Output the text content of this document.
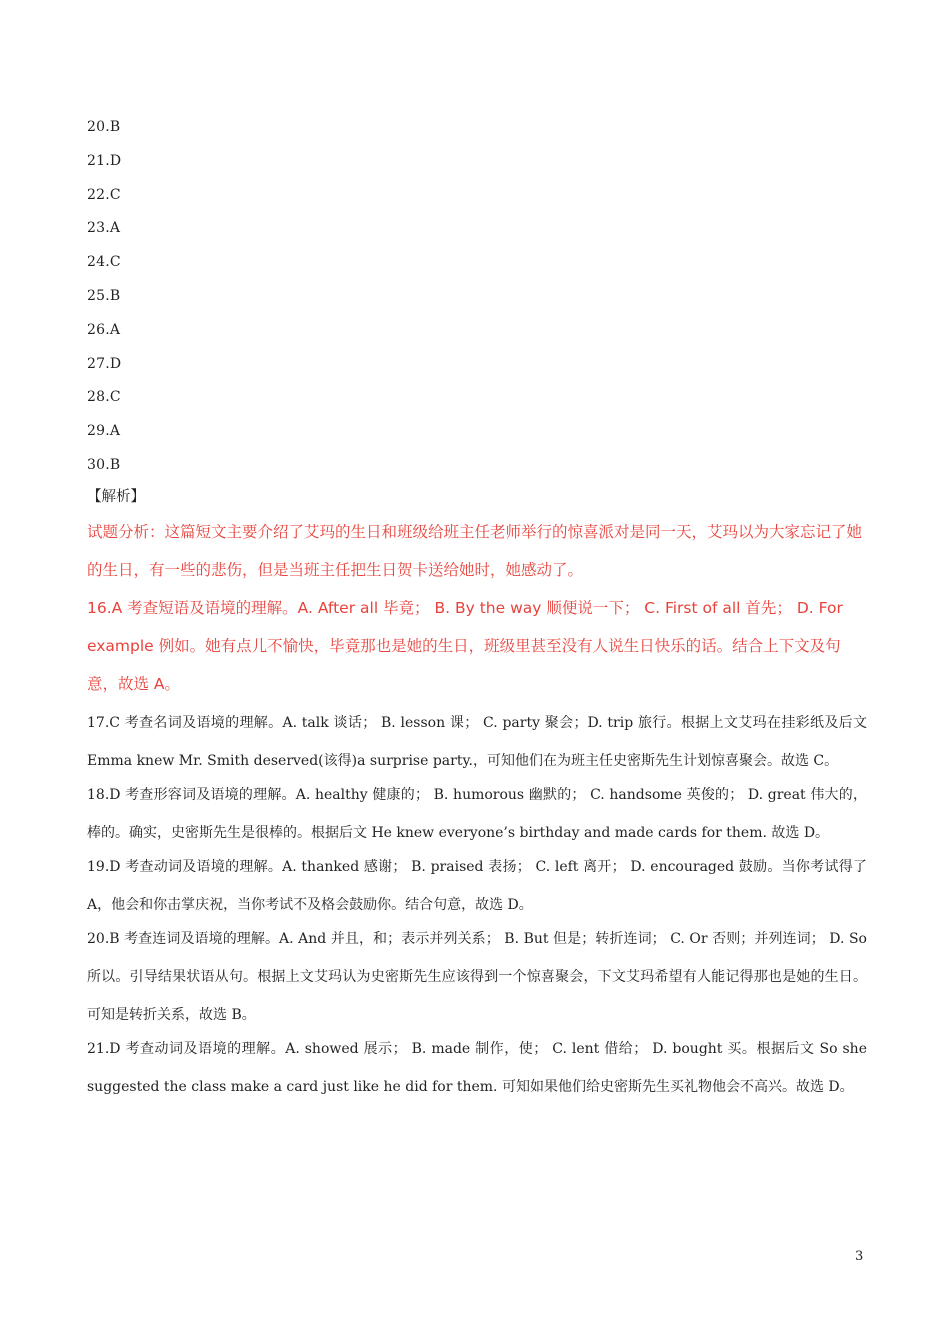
20.B
21.D
22.C
23.A
24.C
25.B
26.A
27.D
28.C
29.A
30.B
【解析】

试题分析：这篇短文主要介绍了艾玛的生日和班级给班主任老师举行的惊喜派对是同一天，艾玛以为大家忘记了她的生日，有一些的悲伤，但是当班主任把生日贺卡送给她时，她感动了。

16.A 考查短语及语境的理解。A. After all 毕竟； B. By the way 顺便说一下； C. First of all 首先； D. For example 例如。她有点儿不愉快，毕竟那也是她的生日，班级里甚至没有人说生日快乐的话。结合上下文及句意，故选 A。

17.C 考查名词及语境的理解。A. talk 谈话； B. lesson 课； C. party 聚会；D. trip 旅行。根据上文艾玛在挂彩纸及后文 Emma knew Mr. Smith deserved(该得)a surprise party.，可知他们在为班主任史密斯先生计划惊喜聚会。故选 C。

18.D 考查形容词及语境的理解。A. healthy 健康的； B. humorous 幽默的； C. handsome 英俊的； D. great 伟大的，棒的。确实，史密斯先生是很棒的。根据后文 He knew everyone’s birthday and made cards for them. 故选 D。

19.D 考查动词及语境的理解。A. thanked 感谢； B. praised 表扬； C. left 离开； D. encouraged 鼓励。当你考试得了 A，他会和你击掌庆祝，当你考试不及格会鼓励你。结合句意，故选 D。

20.B 考查连词及语境的理解。A. And 并且，和；表示并列关系； B. But 但是；转折连词； C. Or 否则；并列连词； D. So 所以。引导结果状语从句。根据上文艾玛认为史密斯先生应该得到一个惊喜聚会，下文艾玛希望有人能记得那也是她的生日。可知是转折关系，故选 B。

21.D 考查动词及语境的理解。A. showed 展示； B. made 制作，使； C. lent 借给； D. bought 买。根据后文 So she suggested the class make a card just like he did for them. 可知如果他们给史密斯先生买礼物他会不高兴。故选 D。

3
